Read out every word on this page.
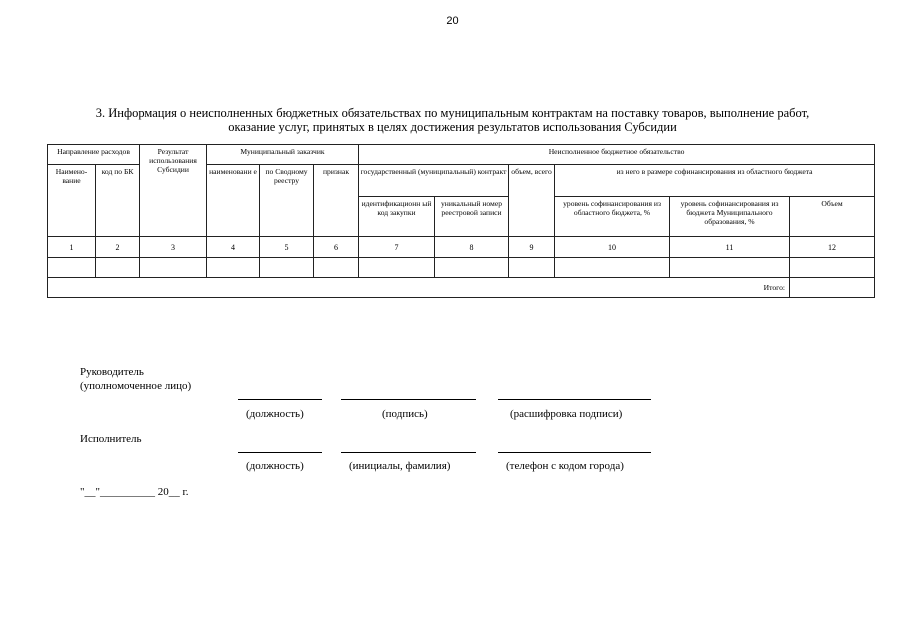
20
3. Информация о неисполненных бюджетных обязательствах по муниципальным контрактам на поставку товаров, выполнение работ,
оказание услуг, принятых в целях достижения результатов использования Субсидии
Направление расходов		Результат использования Субсидии	Муниципальный заказчик			Неисполненное бюджетное обязательство					
Наимено-вание	код по БК		наименовани е	по Сводному реестру	признак	государственный (муниципальный) контракт		объем, всего	из него в размере софинансирования из областного бюджета		
						идентификационн ый код закупки	уникальный номер реестровой записи		уровень софинансирования из областного бюджета, %	уровень софинансирования из бюджета Муниципального образования, %	Объем
1	2	3	4	5	6	7	8	9	10	11	12

Итого:											
Руководитель
(уполномоченное лицо)
(должность)	(подпись)	(расшифровка подписи)
Исполнитель
(должность)	(инициалы, фамилия)	(телефон с кодом города)
"__"__________ 20__ г.
